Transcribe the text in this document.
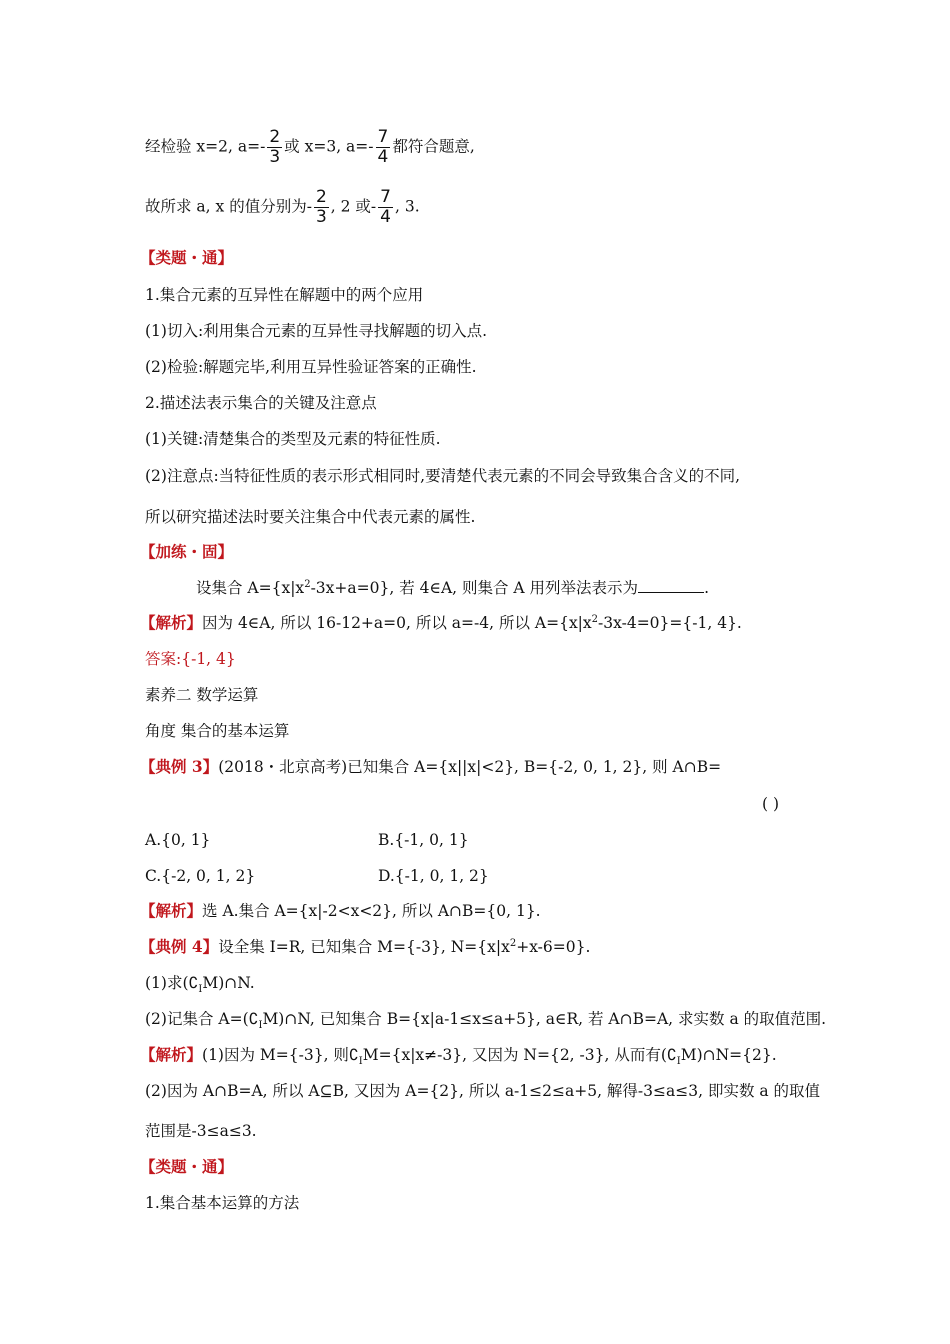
经检验 x=2, $a=- \frac{2}{3}$ 或 x=3, $a=- \frac{7}{4}$ 都符合题意,
故所求 a, x 的值分别为- $\frac{2}{3}$ , 2 或- $\frac{7}{4}$ , 3.
【类题・通】
1.集合元素的互异性在解题中的两个应用
(1)切入:利用集合元素的互异性寻找解题的切入点.
(2)检验:解题完毕,利用互异性验证答案的正确性.
2.描述法表示集合的关键及注意点
(1)关键:清楚集合的类型及元素的特征性质.
(2)注意点:当特征性质的表示形式相同时,要清楚代表元素的不同会导致集合含义的不同,
所以研究描述法时要关注集合中代表元素的属性.
【加练・固】
设集合 $A=\{x|x^2-3x+a=0\}$, 若 4∈A, 则集合 A 用列举法表示为	.
【解析】因为 4∈A, 所以 16-12+a=0, 所以 a=-4, 所以 $A=\{x|x^2-3x-4=0\}=\{-1$, 4}.
答案:{-1, 4}
素养二 数学运算
角度 集合的基本运算
【典例 3】(2018・北京高考)已知集合 A={x||x|<2}, B={-2, 0, 1, 2}, 则 A∩B=
( )
A.{0, 1}	B.{-1, 0, 1}
C.{-2, 0, 1, 2}	D.{-1, 0, 1, 2}
【解析】选 A.集合 A={x|-2<x<2}, 所以 A∩B={0, 1}.
【典例 4】设全集 I=R, 已知集合 M={-3}, $N=\{x|x^2+x-6=0\}$.
(1)求$(∁_IM)\cap N$.
(2)记集合 $A=(∁_IM)\cap N$, 已知集合 B={x|a-1≤x≤a+5}, a∈R, 若 A∩B=A, 求实数 a 的取值范围.
【解析】(1)因为 M={-3}, 则$∁_IM=\{x|x\ne-3\}$, 又因为 N={2, -3}, 从而有$(∁_IM)\cap N=\{2\}$.
(2)因为 A∩B=A, 所以 A⊆B, 又因为 A={2}, 所以 a-1≤2≤a+5, 解得-3≤a≤3, 即实数 a 的取值
范围是-3≤a≤3.
【类题・通】
1.集合基本运算的方法
